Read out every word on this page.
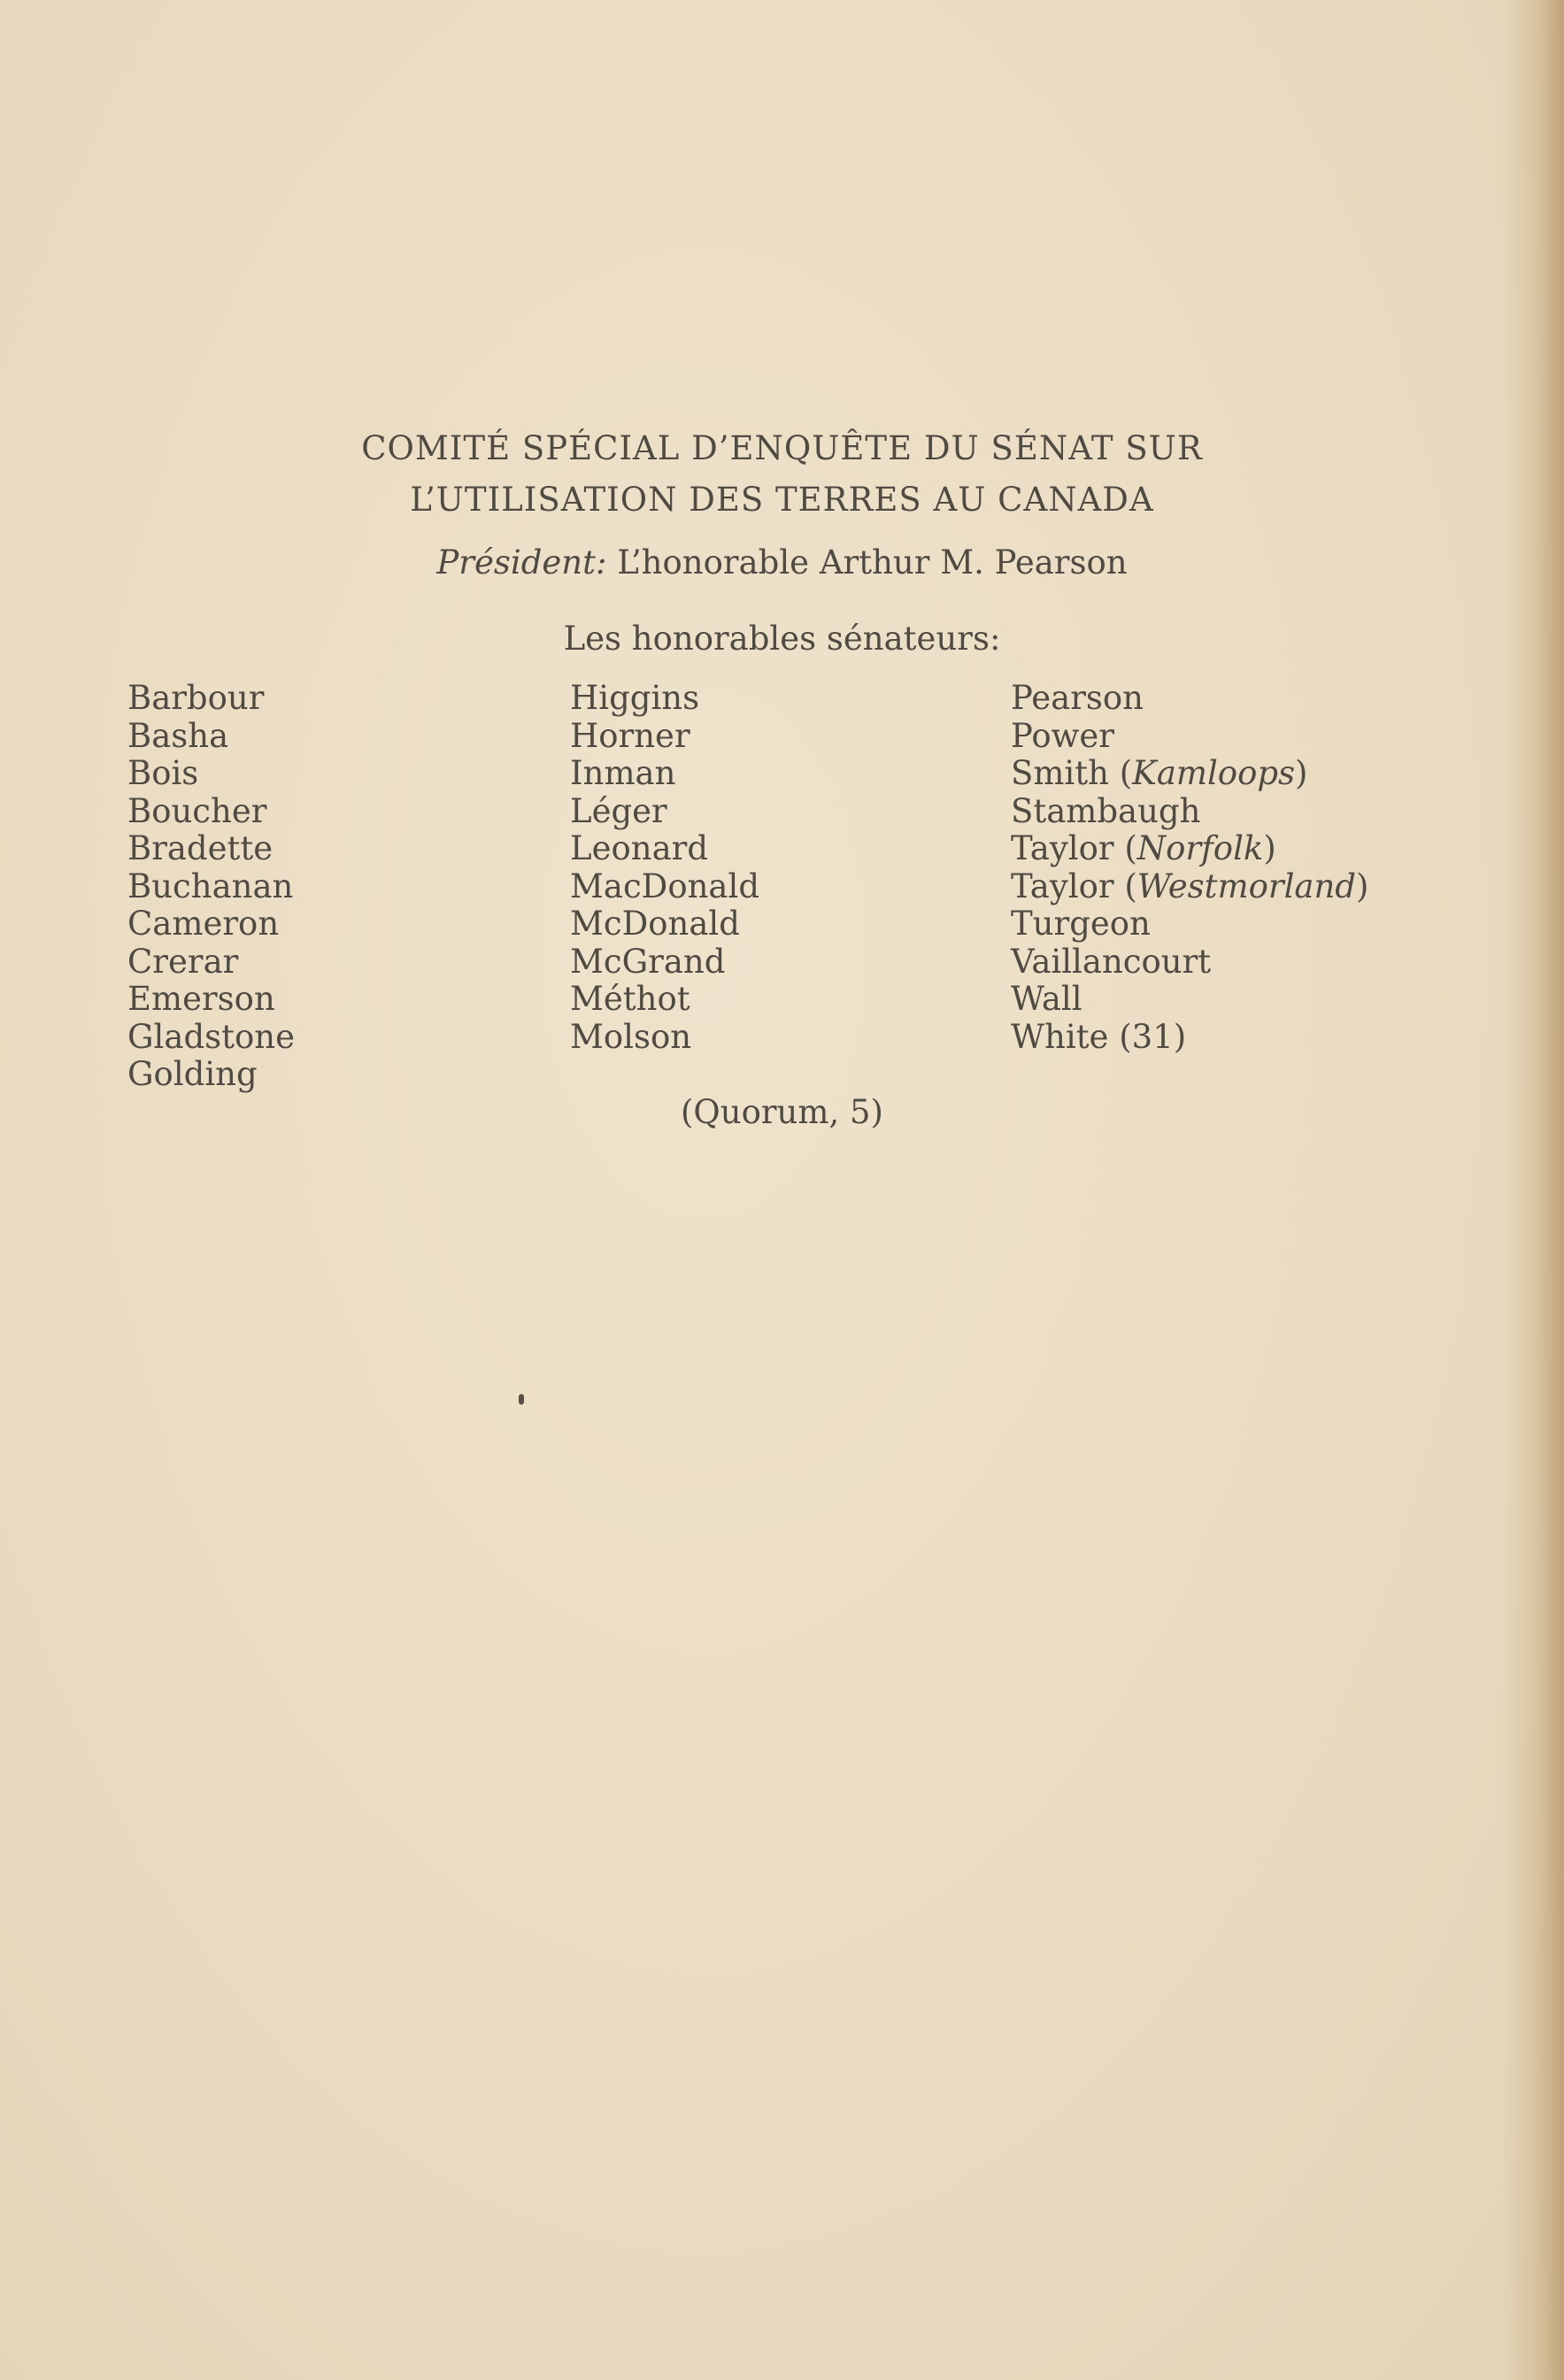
COMITÉ SPÉCIAL D’ENQUÊTE DU SÉNAT SUR
L’UTILISATION DES TERRES AU CANADA

Président: L’honorable Arthur M. Pearson

Les honorables sénateurs:

Barbour
Basha
Bois
Boucher
Bradette
Buchanan
Cameron
Crerar
Emerson
Gladstone
Golding
Higgins
Horner
Inman
Léger
Leonard
MacDonald
McDonald
McGrand
Méthot
Molson
Pearson
Power
Smith (Kamloops)
Stambaugh
Taylor (Norfolk)
Taylor (Westmorland)
Turgeon
Vaillancourt
Wall
White (31)

(Quorum, 5)
